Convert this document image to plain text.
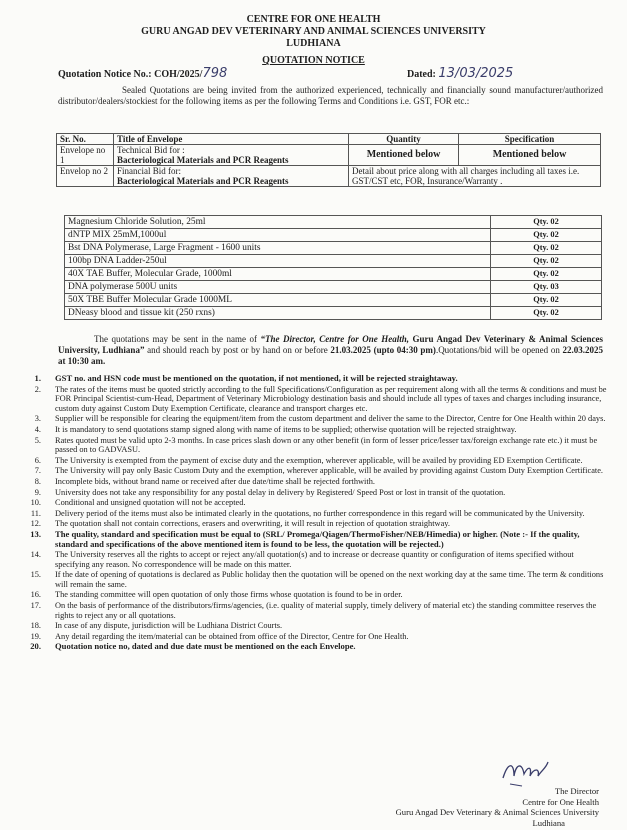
CENTRE FOR ONE HEALTH
GURU ANGAD DEV VETERINARY AND ANIMAL SCIENCES UNIVERSITY
LUDHIANA
QUOTATION NOTICE
Quotation Notice No.: COH/2025/798	Dated: 13/03/2025
Sealed Quotations are being invited from the authorized experienced, technically and financially sound manufacturer/authorized distributor/dealers/stockiest for the following items as per the following Terms and Conditions i.e. GST, FOR etc.:
Sr. No.	Title of Envelope	Quantity	Specification
Envelope no 1	Technical Bid for :
Bacteriological Materials and PCR Reagents	Mentioned below	Mentioned below
Envelop no 2	Financial Bid for:
Bacteriological Materials and PCR Reagents	Detail about price along with all charges including all taxes i.e. GST/CST etc, FOR, Insurance/Warranty .	
Magnesium Chloride Solution, 25ml	Qty. 02
dNTP MIX 25mM,1000ul	Qty. 02
Bst DNA Polymerase, Large Fragment - 1600 units	Qty. 02
100bp DNA Ladder-250ul	Qty. 02
40X TAE Buffer, Molecular Grade, 1000ml	Qty. 02
DNA polymerase 500U units	Qty. 03
50X TBE Buffer Molecular Grade 1000ML	Qty. 02
DNeasy blood and tissue kit (250 rxns)	Qty. 02
The quotations may be sent in the name of “The Director, Centre for One Health, Guru Angad Dev Veterinary & Animal Sciences University, Ludhiana” and should reach by post or by hand on or before 21.03.2025 (upto 04:30 pm).Quotations/bid will be opened on 22.03.2025 at 10:30 am.
1. GST no. and HSN code must be mentioned on the quotation, if not mentioned, it will be rejected straightaway.
2. The rates of the items must be quoted strictly according to the full Specifications/Configuration as per requirement along with all the terms & conditions and must be FOR Principal Scientist-cum-Head, Department of Veterinary Microbiology destination basis and should include all types of taxes and charges including insurance, custom duty against Custom Duty Exemption Certificate, clearance and transport charges etc.
3. Supplier will be responsible for clearing the equipment/item from the custom department and deliver the same to the Director, Centre for One Health within 20 days.
4. It is mandatory to send quotations stamp signed along with name of items to be supplied; otherwise quotation will be rejected straightway.
5. Rates quoted must be valid upto 2-3 months. In case prices slash down or any other benefit (in form of lesser price/lesser tax/foreign exchange rate etc.) it must be passed on to GADVASU.
6. The University is exempted from the payment of excise duty and the exemption, wherever applicable, will be availed by providing ED Exemption Certificate.
7. The University will pay only Basic Custom Duty and the exemption, wherever applicable, will be availed by providing against Custom Duty Exemption Certificate.
8. Incomplete bids, without brand name or received after due date/time shall be rejected forthwith.
9. University does not take any responsibility for any postal delay in delivery by Registered/ Speed Post or lost in transit of the quotation.
10. Conditional and unsigned quotation will not be accepted.
11. Delivery period of the items must also be intimated clearly in the quotations, no further correspondence in this regard will be communicated by the University.
12. The quotation shall not contain corrections, erasers and overwriting, it will result in rejection of quotation straightway.
13. The quality, standard and specification must be equal to (SRL/ Promega/Qiagen/ThermoFisher/NEB/Himedia) or higher. (Note :- If the quality, standard and specifications of the above mentioned item is found to be less, the quotation will be rejected.)
14. The University reserves all the rights to accept or reject any/all quotation(s) and to increase or decrease quantity or configuration of items specified without specifying any reason. No correspondence will be made on this matter.
15. If the date of opening of quotations is declared as Public holiday then the quotation will be opened on the next working day at the same time. The term & conditions will remain the same.
16. The standing committee will open quotation of only those firms whose quotation is found to be in order.
17. On the basis of performance of the distributors/firms/agencies, (i.e. quality of material supply, timely delivery of material etc) the standing committee reserves the rights to reject any or all quotations.
18. In case of any dispute, jurisdiction will be Ludhiana District Courts.
19. Any detail regarding the item/material can be obtained from office of the Director, Centre for One Health.
20. Quotation notice no, dated and due date must be mentioned on the each Envelope.
The Director
Centre for One Health
Guru Angad Dev Veterinary & Animal Sciences University
Ludhiana
